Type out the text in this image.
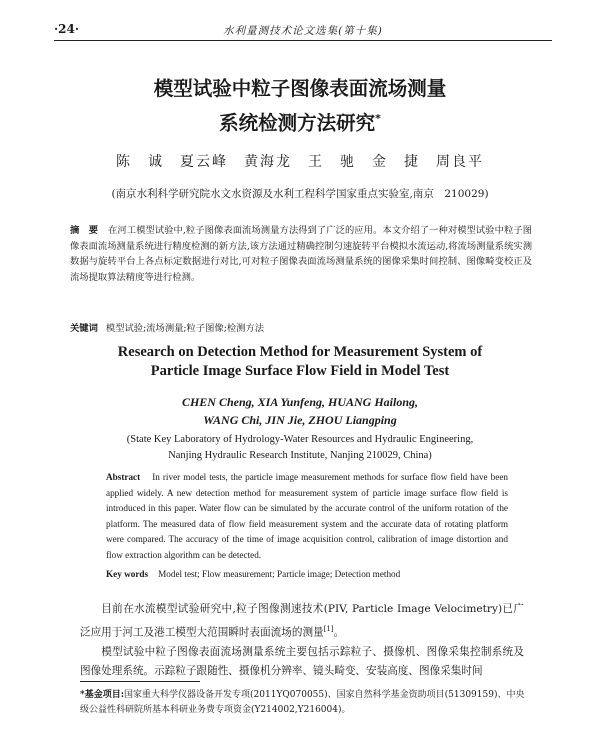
·24·	水利量测技术论文选集(第十集)
模型试验中粒子图像表面流场测量
系统检测方法研究*
陈　诚　夏云峰　黄海龙　王　驰　金　捷　周良平
(南京水利科学研究院水文水资源及水利工程科学国家重点实验室,南京　210029)
摘　要 在河工模型试验中,粒子图像表面流场测量方法得到了广泛的应用。本文介绍了一种对模型试验中粒子图像表面流场测量系统进行精度检测的新方法,该方法通过精确控制匀速旋转平台模拟水流运动,将流场测量系统实测数据与旋转平台上各点标定数据进行对比,可对粒子图像表面流场测量系统的图像采集时间控制、图像畸变校正及流场提取算法精度等进行检测。
关键词 模型试验;流场测量;粒子图像;检测方法
Research on Detection Method for Measurement System of
Particle Image Surface Flow Field in Model Test
CHEN Cheng, XIA Yunfeng, HUANG Hailong,
WANG Chi, JIN Jie, ZHOU Liangping
(State Key Laboratory of Hydrology-Water Resources and Hydraulic Engineering,
Nanjing Hydraulic Research Institute, Nanjing 210029, China)
Abstract In river model tests, the particle image measurement methods for surface flow field have been applied widely. A new detection method for measurement system of particle image surface flow field is introduced in this paper. Water flow can be simulated by the accurate control of the uniform rotation of the platform. The measured data of flow field measurement system and the accurate data of rotating platform were compared. The accuracy of the time of image acquisition control, calibration of image distortion and flow extraction algorithm can be detected.
Key words Model test; Flow measurement; Particle image; Detection method

目前在水流模型试验研究中,粒子图像测速技术(PIV, Particle Image Velocimetry)已广泛应用于河工及港工模型大范围瞬时表面流场的测量[1]。

模型试验中粒子图像表面流场测量系统主要包括示踪粒子、摄像机、图像采集控制系统及图像处理系统。示踪粒子跟随性、摄像机分辨率、镜头畸变、安装高度、图像采集时间

*基金项目:国家重大科学仪器设备开发专项(2011YQ070055)、国家自然科学基金资助项目(51309159)、中央级公益性科研院所基本科研业务费专项资金(Y214002,Y216004)。
